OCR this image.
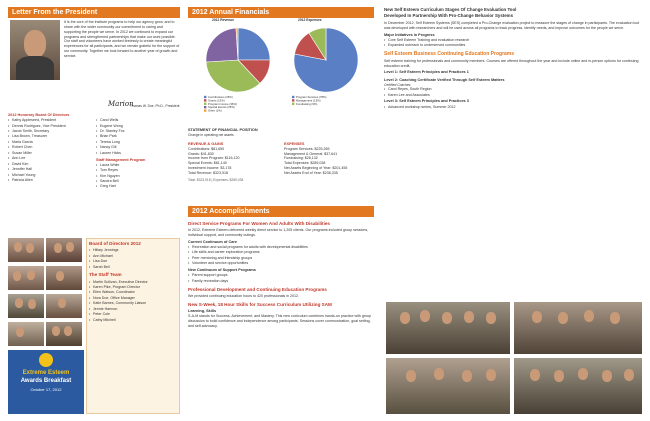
Letter From the President

It is the core of the Institute programs to help our agency grow, and to share with the wider community our commitment to caring and supporting the people we serve. In 2012 we continued to expand our programs and strengthened partnerships that make our work possible. Our staff and volunteers have worked tirelessly to create meaningful experiences for all participants, and we remain grateful for the support of our community. Together we look forward to another year of growth and service.

Marion
Thomas W. Doe, Ph.D., President
2012 Honorary Board Of Directors
• Kathy Appleseed, President
• Dennis Rodriguez, Vice President
• Jacob Smith, Secretary
• Lisa Brown, Treasurer
• Maria Garcia
• Robert Chen
• Susan Miller
• Ann Lee
• David Kim
• Jennifer Hall
• Michael Young
• Patricia Allen
• Carol Wells
• Eugene Wong
• Dr. Stanley Fox
• Brian Park
• Teresa Long
• Nancy Gill
• Lauren Hicks
Staff Management Program
• Laura White
• Tom Reyes
• Kim Nguyen
• Sandra Bell
• Greg Hart
Board of Directors 2012
• Hillary Jennings
• Ann Michael
• Lisa Doe
• Sarah Bell
The Staff Team
• Martin Sullivan, Executive Director
• Karen Pike, Program Director
• Ellen Watson, Coordinator
• Nora Doe, Office Manager
• Katie Barnes, Community Liaison
• Jennie Harmon
• Peter Cole
• Cathy Mitchell
Extreme Esteem
Awards Breakfast
October 17, 2012
2012 Annual Financials
2012 Revenue	2012 Expenses
Contributions (25%)
Grants (13%)
Program Income (36%)
Special Events (25%)
Other (1%)
Program Services (78%)
Management (13%)
Fundraising (9%)
STATEMENT OF FINANCIAL POSITION
Change in operating net assets
REVENUE & GAINS
Contributions: $81,650
Grants: $41,830
Income from Program: $116,120
Special Events: $81,140
Investment Income: $3,178
Total Revenue: $323,918
EXPENSES
Program Services: $225,265
Management & General: $37,641
Fundraising: $26,132
Total Expenses: $289,038
Net Assets Beginning of Year: $201,455
Net Assets End of Year: $236,335
Total: $323,918 | Expenses: $289,038
2012 Accomplishments
Direct Service Programs For Women And Adults With Disabilities

In 2012, Extreme Esteem delivered weekly direct service to 1,205 clients. Our programs included group sessions, individual support, and community outings.

Current Continuum of Care
• Recreation and social programs for adults with developmental disabilities
• Life skills and career exploration programs
• Peer mentoring and friendship groups
• Volunteer and service opportunities
New Continuum of Support Programs
• Parent support groups
• Family recreation days
Professional Development and Continuing Education Programs

We provided continuing education hours to 420 professionals in 2012.

New S-Week, 18 Hour Skills for Success Curriculum Utilizing SAM
Learning, Skills

S-A-M stands for Success, Achievement, and Mastery. This new curriculum combines hands-on practice with group discussion to build confidence and independence among participants. Sessions cover communication, goal setting, and self-advocacy.

New Self Esteem Curriculum Stages Of Change Evaluation Tool
Developed In Partnership With Pro-Change Behavior Systems

In December 2012, Self Esteem Systems (SES) completed a Pro-Change evaluation project to measure the stages of change in participants. The evaluation tool was developed with researchers and will be used across all programs to track progress, identify needs, and improve outcomes for the people we serve.

Major Initiatives in Progress
• Core Self Esteem Training and evaluation research
• Expanded outreach to underserved communities
Self Esteem Business Continuing Education Programs

Self esteem training for professionals and community members. Courses are offered throughout the year and include online and in-person options for continuing education credit.

Level 1: Self Esteem Principles and Practices 1
Level 2: Coaching Certificate Verified Through Self Esteem Matters
Certified Coaches:
• Carol Reyes, South Region
• Karen Lee and Associates
Level 3: Self Esteem Principles and Practices 3
• Advanced workshop series, Summer 2012
